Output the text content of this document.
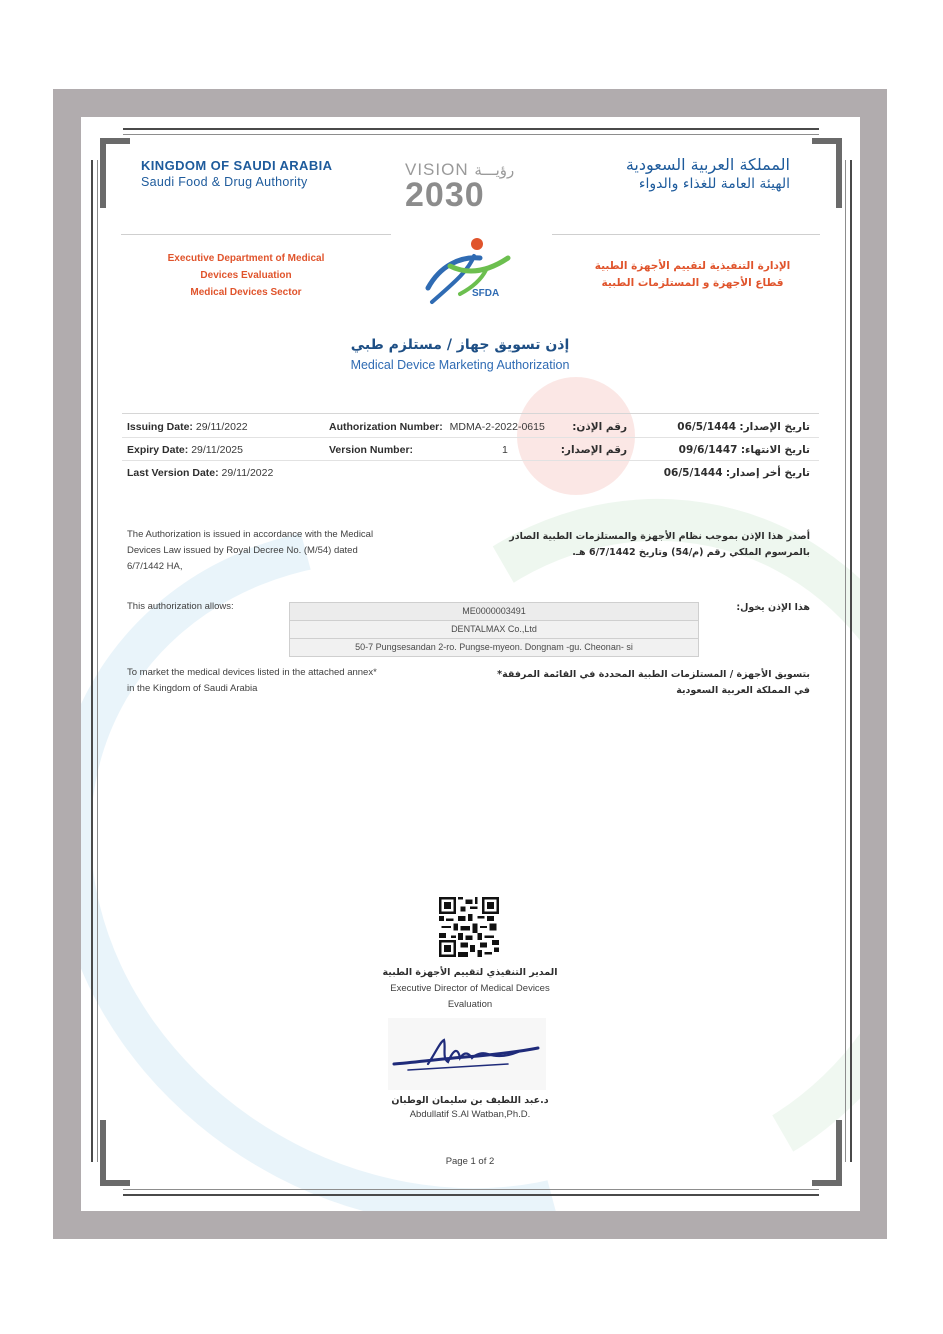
KINGDOM OF SAUDI ARABIA
Saudi Food & Drug Authority
المملكة العربية السعودية
الهيئة العامة للغذاء والدواء
VISION رؤيـــة
2030
SFDA
Executive Department of Medical
Devices Evaluation
Medical Devices Sector
الإدارة التنفيذية لتقييم الأجهزة الطبية
قطاع الأجهزة و المستلزمات الطبية
إذن تسويق جهاز / مستلزم طبي
Medical Device Marketing Authorization
Issuing Date: 29/11/2022
Expiry Date: 29/11/2025
Last Version Date: 29/11/2022
Authorization Number: MDMA-2-2022-0615
Version Number:	1
رقم الإذن:
رقم الإصدار:
تاريخ الإصدار: 06/5/1444
تاريخ الانتهاء: 09/6/1447
تاريخ أخر إصدار: 06/5/1444
The Authorization is issued in accordance with the Medical
Devices Law issued by Royal Decree No. (M/54) dated
6/7/1442 HA,
أصدر هذا الإذن بموجب نظام الأجهزة والمستلزمات الطبية الصادر
بالمرسوم الملكي رقم (م/54) وتاريخ 6/7/1442 هـ.
This authorization allows:	هذا الإذن يخول:
ME0000003491
DENTALMAX Co.,Ltd
50-7 Pungsesandan 2-ro. Pungse-myeon. Dongnam -gu. Cheonan- si
To market the medical devices listed in the attached annex*
in the Kingdom of Saudi Arabia
بتسويق الأجهزة / المستلزمات الطبية المحددة في القائمة المرفقة*
في المملكة العربية السعودية
المدير التنفيذي لتقييم الأجهزة الطبية
Executive Director of Medical Devices
Evaluation
د.عبد اللطيف بن سليمان الوطبان
Abdullatif S.Al Watban,Ph.D.
Page 1 of 2
